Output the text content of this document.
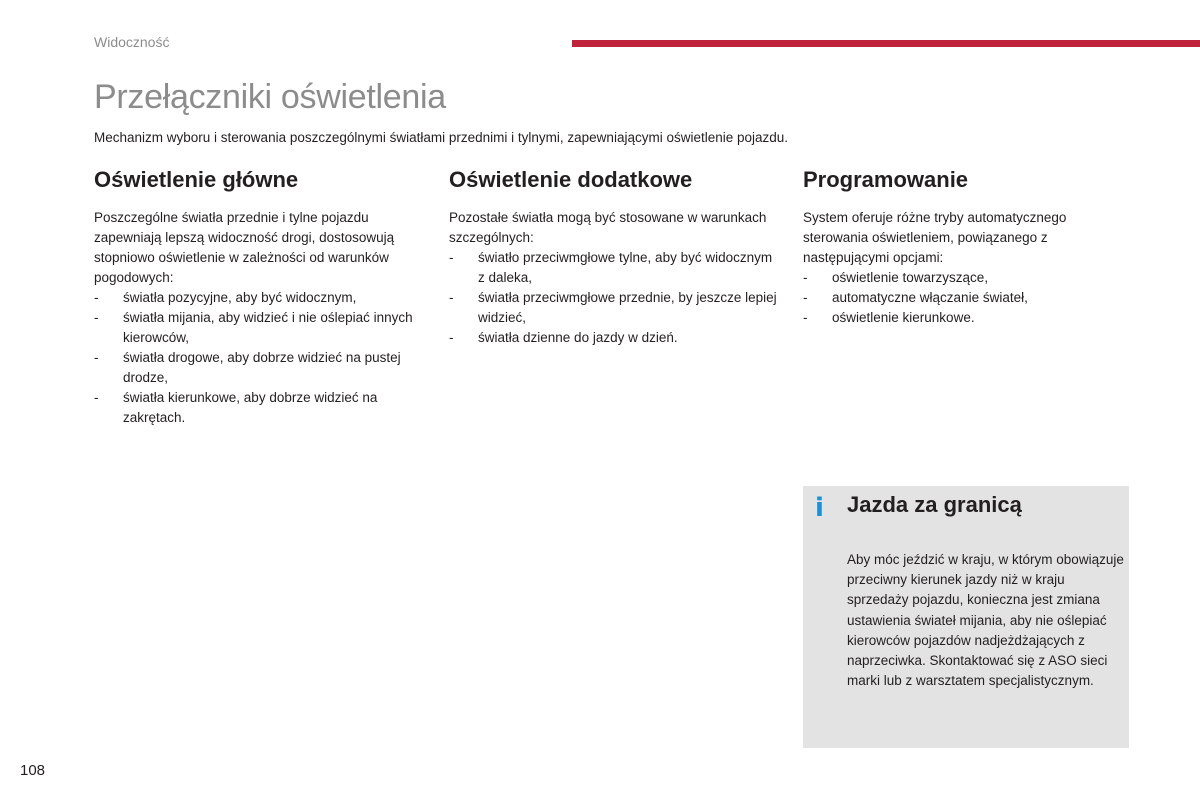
Widoczność
Przełączniki oświetlenia

Mechanizm wyboru i sterowania poszczególnymi światłami przednimi i tylnymi, zapewniającymi oświetlenie pojazdu.

Oświetlenie główne

Poszczególne światła przednie i tylne pojazdu zapewniają lepszą widoczność drogi, dostosowują stopniowo oświetlenie w zależności od warunków pogodowych:

- światła pozycyjne, aby być widocznym,
- światła mijania, aby widzieć i nie oślepiać innych kierowców,
- światła drogowe, aby dobrze widzieć na pustej drodze,
- światła kierunkowe, aby dobrze widzieć na zakrętach.
Oświetlenie dodatkowe

Pozostałe światła mogą być stosowane w warunkach szczególnych:

- światło przeciwmgłowe tylne, aby być widocznym z daleka,
- światła przeciwmgłowe przednie, by jeszcze lepiej widzieć,
- światła dzienne do jazdy w dzień.
Programowanie

System oferuje różne tryby automatycznego sterowania oświetleniem, powiązanego z następującymi opcjami:

- oświetlenie towarzyszące,
- automatyczne włączanie świateł,
- oświetlenie kierunkowe.
i Jazda za granicą

Aby móc jeździć w kraju, w którym obowiązuje przeciwny kierunek jazdy niż w kraju sprzedaży pojazdu, konieczna jest zmiana ustawienia świateł mijania, aby nie oślepiać kierowców pojazdów nadjeżdżających z naprzeciwka. Skontaktować się z ASO sieci marki lub z warsztatem specjalistycznym.

108
